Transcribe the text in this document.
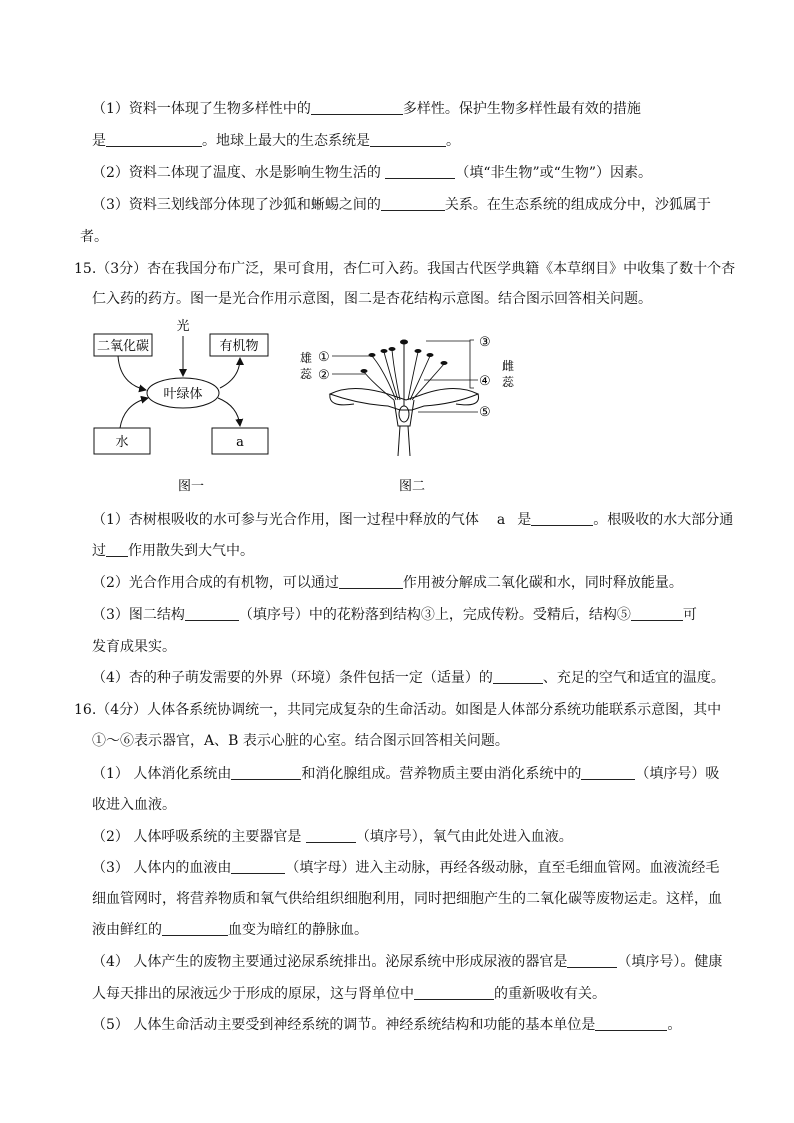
（1）资料一体现了生物多样性中的	多样性。保护生物多样性最有效的措施
是	。地球上最大的生态系统是	。
（2）资料二体现了温度、水是影响生物生活的	（填“非生物”或“生物”）因素。
（3）资料三划线部分体现了沙狐和蜥蜴之间的	关系。在生态系统的组成成分中，沙狐属于
者。
15.（3分）杏在我国分布广泛，果可食用，杏仁可入药。我国古代医学典籍《本草纲目》中收集了数十个杏
仁入药的药方。图一是光合作用示意图，图二是杏花结构示意图。结合图示回答相关问题。
二氧化碳	有机物
光
叶绿体
水	a
图一
雄
蕊
①
②
③
④
⑤
雌
蕊
图二
（1）杏树根吸收的水可参与光合作用，图一过程中释放的气体 a 是	。根吸收的水大部分通
过 作用散失到大气中。
（2）光合作用合成的有机物，可以通过	作用被分解成二氧化碳和水，同时释放能量。
（3）图二结构	（填序号）中的花粉落到结构③上，完成传粉。受精后，结构⑤	可
发育成果实。
（4）杏的种子萌发需要的外界（环境）条件包括一定（适量）的	、充足的空气和适宜的温度。
16.（4分）人体各系统协调统一，共同完成复杂的生命活动。如图是人体部分系统功能联系示意图，其中
①～⑥表示器官，A、B 表示心脏的心室。结合图示回答相关问题。
（1） 人体消化系统由	和消化腺组成。营养物质主要由消化系统中的	（填序号）吸
收进入血液。
（2） 人体呼吸系统的主要器官是	（填序号），氧气由此处进入血液。
（3） 人体内的血液由	（填字母）进入主动脉，再经各级动脉，直至毛细血管网。血液流经毛
细血管网时，将营养物质和氧气供给组织细胞利用，同时把细胞产生的二氧化碳等废物运走。这样，血
液由鲜红的	血变为暗红的静脉血。
（4） 人体产生的废物主要通过泌尿系统排出。泌尿系统中形成尿液的器官是	（填序号）。健康
人每天排出的尿液远少于形成的原尿，这与肾单位中	的重新吸收有关。
（5） 人体生命活动主要受到神经系统的调节。神经系统结构和功能的基本单位是	。
